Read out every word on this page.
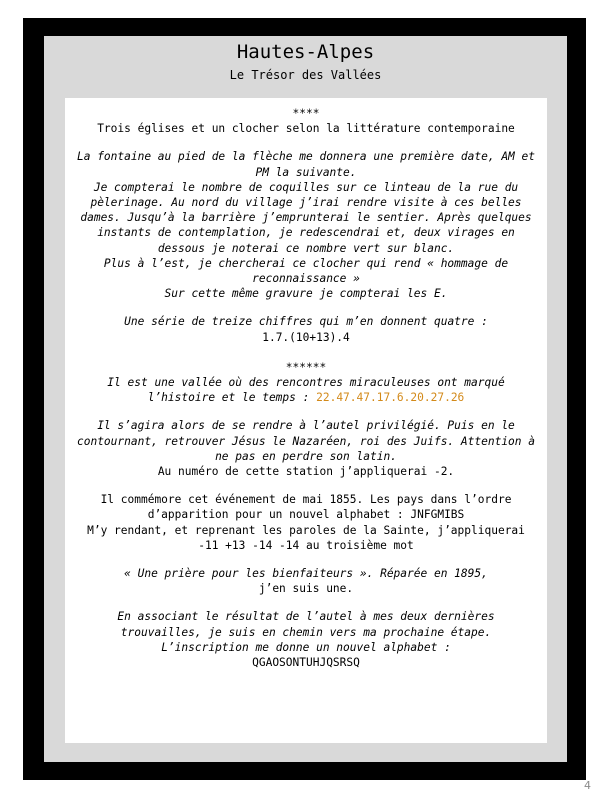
Hautes-Alpes
Le Trésor des Vallées

****

Trois églises et un clocher selon la littérature contemporaine

La fontaine au pied de la flèche me donnera une première date, AM et PM la suivante.

Je compterai le nombre de coquilles sur ce linteau de la rue du pèlerinage. Au nord du village j’irai rendre visite à ces belles dames. Jusqu’à la barrière j’emprunterai le sentier. Après quelques instants de contemplation, je redescendrai et, deux virages en dessous je noterai ce nombre vert sur blanc.

Plus à l’est, je chercherai ce clocher qui rend « hommage de reconnaissance »

Sur cette même gravure je compterai les E.

Une série de treize chiffres qui m’en donnent quatre :

1.7.(10+13).4

******

Il est une vallée où des rencontres miraculeuses ont marqué l’histoire et le temps : 22.47.47.17.6.20.27.26

Il s’agira alors de se rendre à l’autel privilégié. Puis en le contournant, retrouver Jésus le Nazaréen, roi des Juifs. Attention à ne pas en perdre son latin.

Au numéro de cette station j’appliquerai -2.

Il commémore cet événement de mai 1855. Les pays dans l’ordre d’apparition pour un nouvel alphabet : JNFGMIBS

M’y rendant, et reprenant les paroles de la Sainte, j’appliquerai -11 +13 -14 -14 au troisième mot

« Une prière pour les bienfaiteurs ». Réparée en 1895,

j’en suis une.

En associant le résultat de l’autel à mes deux dernières trouvailles, je suis en chemin vers ma prochaine étape.

L’inscription me donne un nouvel alphabet :

QGAOSONTUHJQSRSQ

4
